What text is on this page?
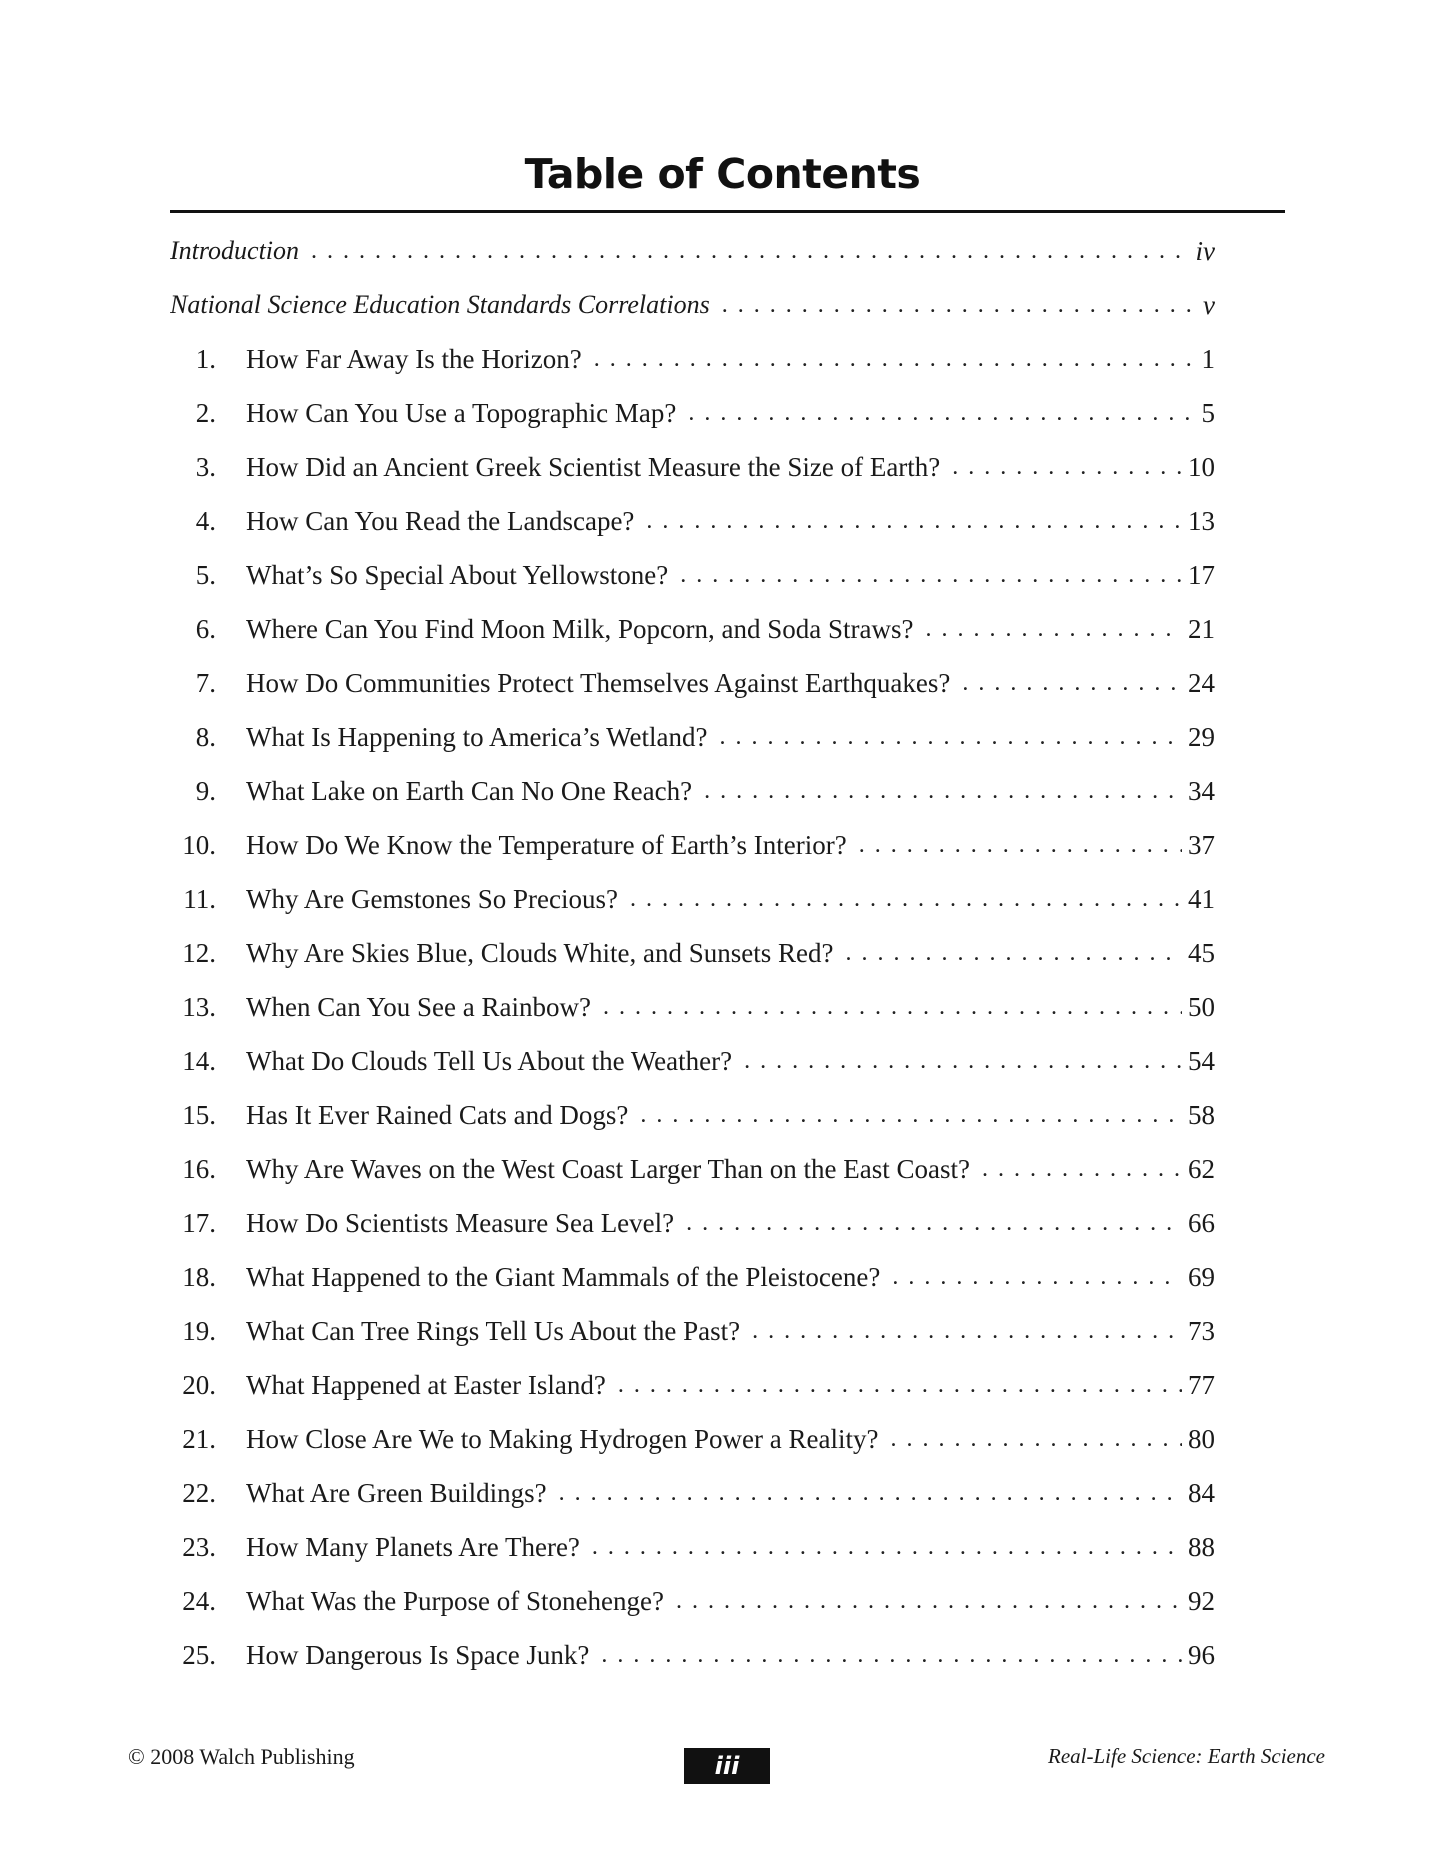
Table of Contents
Introduction . . .	iv
National Science Education Standards Correlations . . .	v
1. How Far Away Is the Horizon? . . .	1
2. How Can You Use a Topographic Map? . . .	5
3. How Did an Ancient Greek Scientist Measure the Size of Earth? . . .	10
4. How Can You Read the Landscape? . . .	13
5. What’s So Special About Yellowstone? . . .	17
6. Where Can You Find Moon Milk, Popcorn, and Soda Straws? . . .	21
7. How Do Communities Protect Themselves Against Earthquakes? . . .	24
8. What Is Happening to America’s Wetland? . . .	29
9. What Lake on Earth Can No One Reach? . . .	34
10. How Do We Know the Temperature of Earth’s Interior? . . .	37
11. Why Are Gemstones So Precious? . . .	41
12. Why Are Skies Blue, Clouds White, and Sunsets Red? . . .	45
13. When Can You See a Rainbow? . . .	50
14. What Do Clouds Tell Us About the Weather? . . .	54
15. Has It Ever Rained Cats and Dogs? . . .	58
16. Why Are Waves on the West Coast Larger Than on the East Coast? . . .	62
17. How Do Scientists Measure Sea Level? . . .	66
18. What Happened to the Giant Mammals of the Pleistocene? . . .	69
19. What Can Tree Rings Tell Us About the Past? . . .	73
20. What Happened at Easter Island? . . .	77
21. How Close Are We to Making Hydrogen Power a Reality? . . .	80
22. What Are Green Buildings? . . .	84
23. How Many Planets Are There? . . .	88
24. What Was the Purpose of Stonehenge? . . .	92
25. How Dangerous Is Space Junk? . . .	96
© 2008 Walch Publishing	iii	Real-Life Science: Earth Science
